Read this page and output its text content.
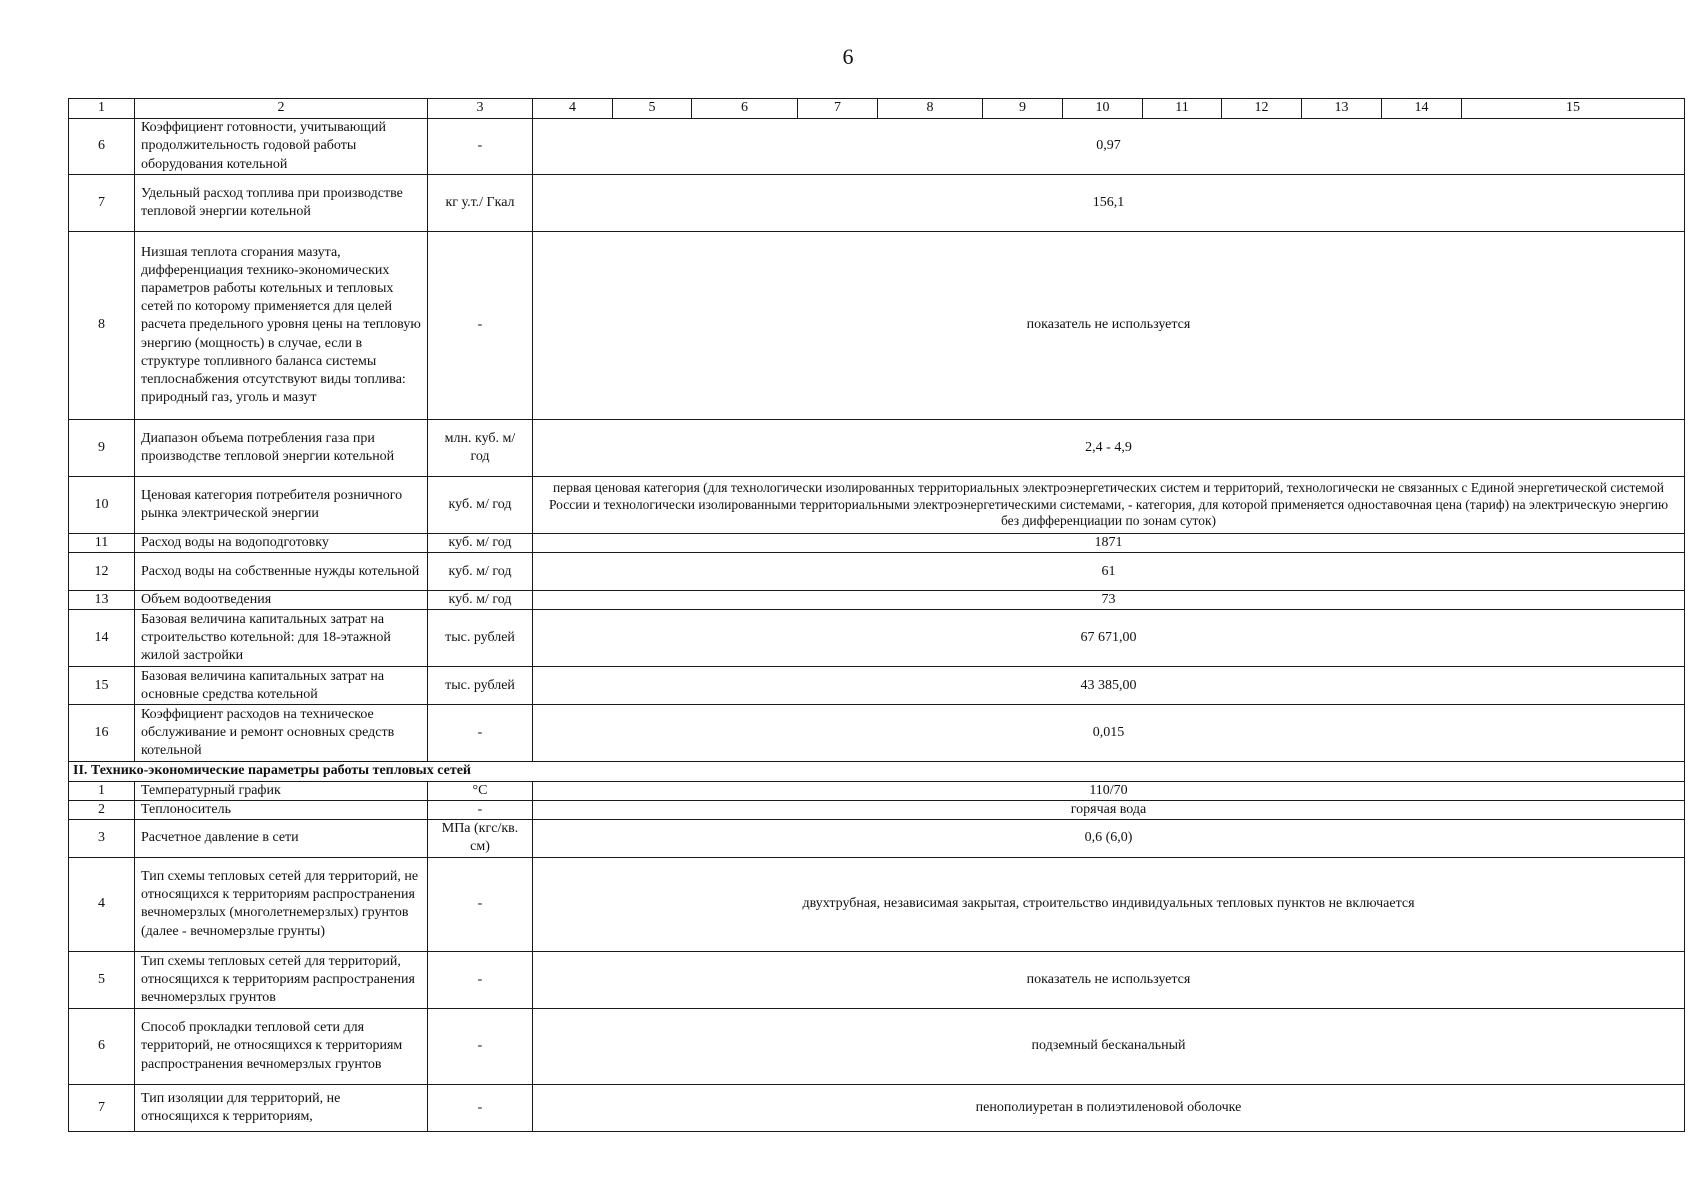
6
1	2	3	4	5	6	7	8	9	10	11	12	13	14	15
6	Коэффициент готовности, учитывающий продолжительность годовой работы оборудования котельной	-	0,97											
7	Удельный расход топлива при производстве тепловой энергии котельной	кг у.т./ Гкал	156,1											
8	Низшая теплота сгорания мазута, дифференциация технико-экономических параметров работы котельных и тепловых сетей по которому применяется для целей расчета предельного уровня цены на тепловую энергию (мощность) в случае, если в структуре топливного баланса системы теплоснабжения отсутствуют виды топлива: природный газ, уголь и мазут	-	показатель не используется											
9	Диапазон объема потребления газа при производстве тепловой энергии котельной	млн. куб. м/ год	2,4 - 4,9											
10	Ценовая категория потребителя розничного рынка электрической энергии	куб. м/ год	первая ценовая категория (для технологически изолированных территориальных электроэнергетических систем и территорий, технологически не связанных с Единой энергетической системой России и технологически изолированными территориальными электроэнергетическими системами, - категория, для которой применяется одноставочная цена (тариф) на электрическую энергию без дифференциации по зонам суток)											
11	Расход воды на водоподготовку	куб. м/ год	1871											
12	Расход воды на собственные нужды котельной	куб. м/ год	61											
13	Объем водоотведения	куб. м/ год	73											
14	Базовая величина капитальных затрат на строительство котельной: для 18-этажной жилой застройки	тыс. рублей	67 671,00											
15	Базовая величина капитальных затрат на основные средства котельной	тыс. рублей	43 385,00											
16	Коэффициент расходов на техническое обслуживание и ремонт основных средств котельной	-	0,015											
II. Технико-экономические параметры работы тепловых сетей														
1	Температурный график	°С	110/70											
2	Теплоноситель	-	горячая вода											
3	Расчетное давление в сети	МПа (кгс/кв. см)	0,6 (6,0)											
4	Тип схемы тепловых сетей для территорий, не относящихся к территориям распространения вечномерзлых (многолетнемерзлых) грунтов (далее - вечномерзлые грунты)	-	двухтрубная, независимая закрытая, строительство индивидуальных тепловых пунктов не включается											
5	Тип схемы тепловых сетей для территорий, относящихся к территориям распространения вечномерзлых грунтов	-	показатель не используется											
6	Способ прокладки тепловой сети для территорий, не относящихся к территориям распространения вечномерзлых грунтов	-	подземный бесканальный											
7	Тип изоляции для территорий, не относящихся к территориям,	-	пенополиуретан в полиэтиленовой оболочке											
